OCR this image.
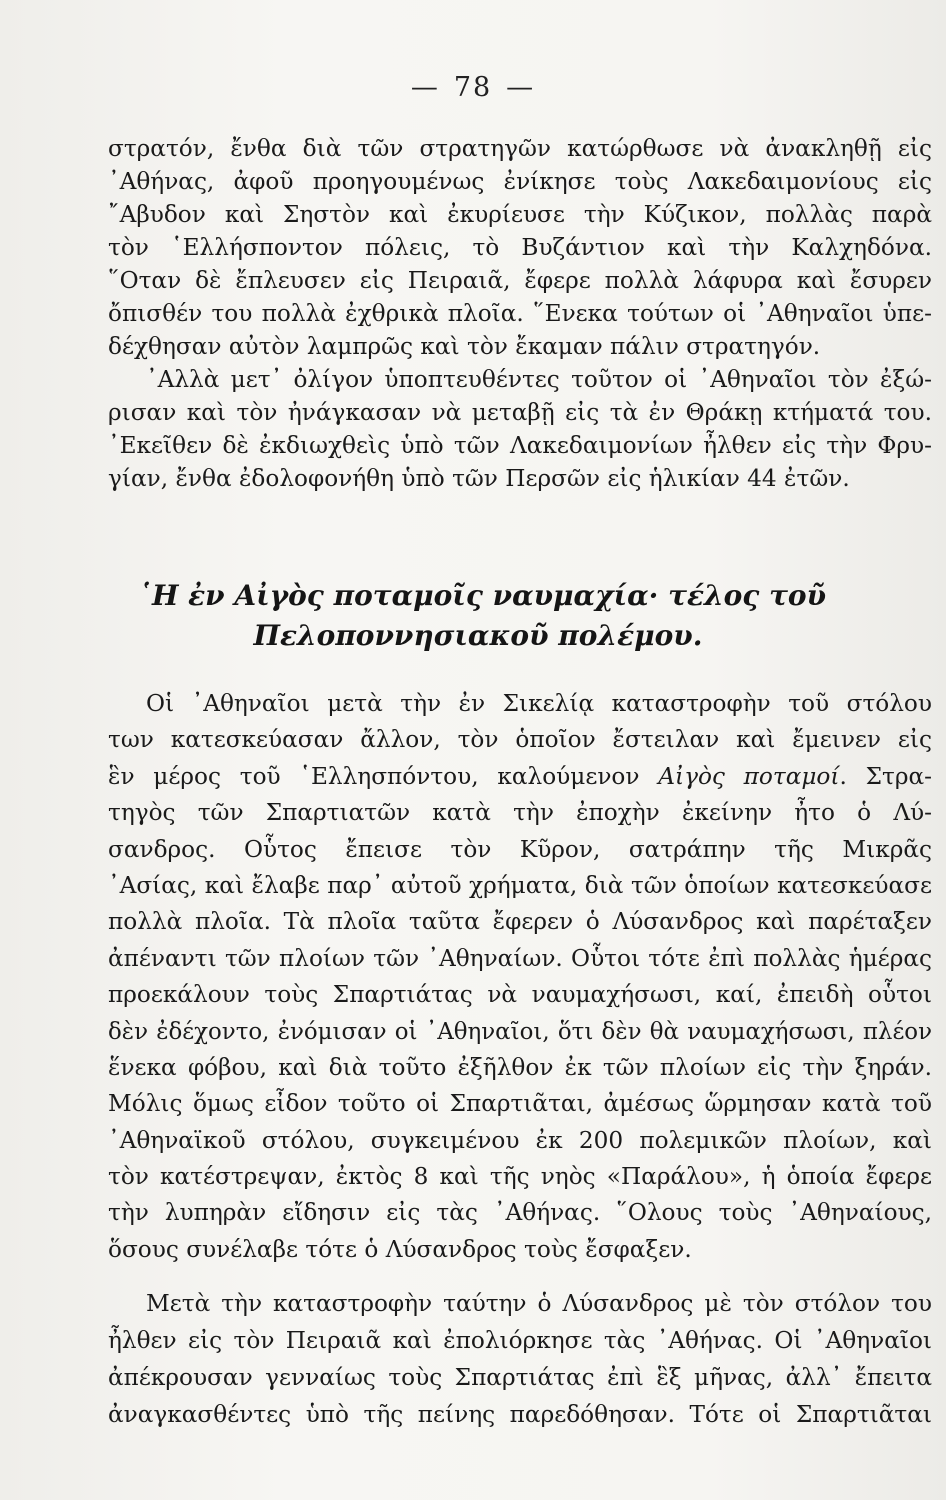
— 78 —
στρατόν, ἔνθα διὰ τῶν στρατηγῶν κατώρθωσε νὰ ἀνακληθῇ εἰς
᾿Αθήνας, ἀφοῦ προηγουμένως ἐνίκησε τοὺς Λακεδαιμονίους εἰς
῎Αβυδον καὶ Σηστὸν καὶ ἐκυρίευσε τὴν Κύζικον, πολλὰς παρὰ
τὸν ῾Ελλήσποντον πόλεις, τὸ Βυζάντιον καὶ τὴν Καλχηδόνα.
῞Οταν δὲ ἔπλευσεν εἰς Πειραιᾶ, ἔφερε πολλὰ λάφυρα καὶ ἔσυρεν
ὄπισθέν του πολλὰ ἐχθρικὰ πλοῖα. ῞Ενεκα τούτων οἱ ᾿Αθηναῖοι ὑπε-
δέχθησαν αὐτὸν λαμπρῶς καὶ τὸν ἔκαμαν πάλιν στρατηγόν.
᾿Αλλὰ μετ᾿ ὀλίγον ὑποπτευθέντες τοῦτον οἱ ᾿Αθηναῖοι τὸν ἐξώ-
ρισαν καὶ τὸν ἠνάγκασαν νὰ μεταβῇ εἰς τὰ ἐν Θράκῃ κτήματά του.
᾿Εκεῖθεν δὲ ἐκδιωχθεὶς ὑπὸ τῶν Λακεδαιμονίων ἦλθεν εἰς τὴν Φρυ-
γίαν, ἔνθα ἐδολοφονήθη ὑπὸ τῶν Περσῶν εἰς ἡλικίαν 44 ἐτῶν.
῾Η ἐν Αἰγὸς ποταμοῖς ναυμαχία· τέλος τοῦ
Πελοποννησιακοῦ πολέμου.
Οἱ ᾿Αθηναῖοι μετὰ τὴν ἐν Σικελίᾳ καταστροφὴν τοῦ στόλου
των κατεσκεύασαν ἄλλον, τὸν ὁποῖον ἔστειλαν καὶ ἔμεινεν εἰς
ἓν μέρος τοῦ ῾Ελλησπόντου, καλούμενον Αἰγὸς ποταμοί. Στρα-
τηγὸς τῶν Σπαρτιατῶν κατὰ τὴν ἐποχὴν ἐκείνην ἦτο ὁ Λύ-
σανδρος. Οὗτος ἔπεισε τὸν Κῦρον, σατράπην τῆς Μικρᾶς
᾿Ασίας, καὶ ἔλαβε παρ᾿ αὐτοῦ χρήματα, διὰ τῶν ὁποίων κατεσκεύασε
πολλὰ πλοῖα. Τὰ πλοῖα ταῦτα ἔφερεν ὁ Λύσανδρος καὶ παρέταξεν
ἀπέναντι τῶν πλοίων τῶν ᾿Αθηναίων. Οὗτοι τότε ἐπὶ πολλὰς ἡμέρας
προεκάλουν τοὺς Σπαρτιάτας νὰ ναυμαχήσωσι, καί, ἐπειδὴ οὗτοι
δὲν ἐδέχοντο, ἐνόμισαν οἱ ᾿Αθηναῖοι, ὅτι δὲν θὰ ναυμαχήσωσι, πλέον
ἕνεκα φόβου, καὶ διὰ τοῦτο ἐξῆλθον ἐκ τῶν πλοίων εἰς τὴν ξηράν.
Μόλις ὅμως εἶδον τοῦτο οἱ Σπαρτιᾶται, ἀμέσως ὥρμησαν κατὰ τοῦ
᾿Αθηναϊκοῦ στόλου, συγκειμένου ἐκ 200 πολεμικῶν πλοίων, καὶ
τὸν κατέστρεψαν, ἐκτὸς 8 καὶ τῆς νηὸς «Παράλου», ἡ ὁποία ἔφερε
τὴν λυπηρὰν εἴδησιν εἰς τὰς ᾿Αθήνας. ῞Ολους τοὺς ᾿Αθηναίους,
ὅσους συνέλαβε τότε ὁ Λύσανδρος τοὺς ἔσφαξεν.
Μετὰ τὴν καταστροφὴν ταύτην ὁ Λύσανδρος μὲ τὸν στόλον του
ἦλθεν εἰς τὸν Πειραιᾶ καὶ ἐπολιόρκησε τὰς ᾿Αθήνας. Οἱ ᾿Αθηναῖοι
ἀπέκρουσαν γενναίως τοὺς Σπαρτιάτας ἐπὶ ἓξ μῆνας, ἀλλ᾿ ἔπειτα
ἀναγκασθέντες ὑπὸ τῆς πείνης παρεδόθησαν. Τότε οἱ Σπαρτιᾶται
